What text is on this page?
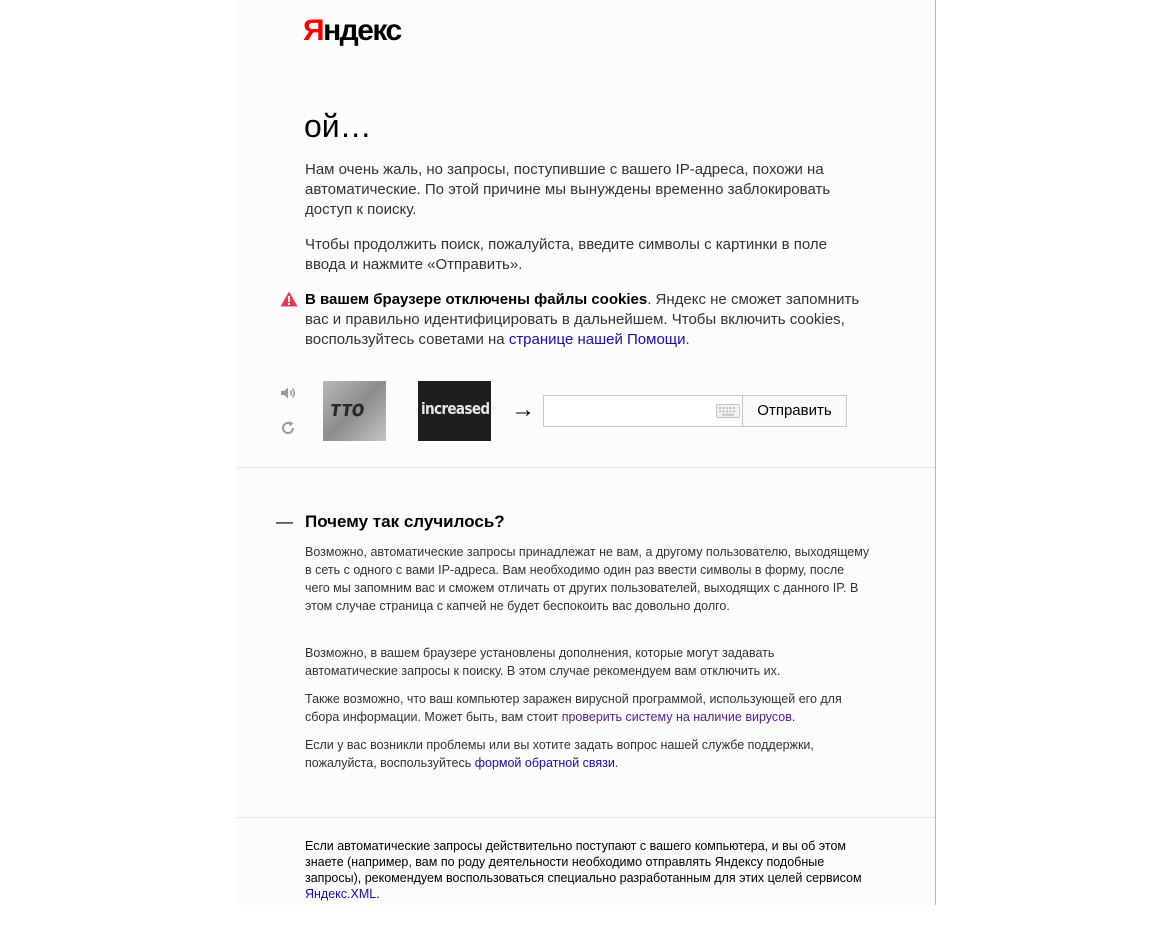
Яндекс
ой…

Нам очень жаль, но запросы, поступившие с вашего IP-адреса, похожи на автоматические. По этой причине мы вынуждены временно заблокировать доступ к поиску.

Чтобы продолжить поиск, пожалуйста, введите символы с картинки в поле ввода и нажмите «Отправить».

В вашем браузере отключены файлы cookies. Яндекс не сможет запомнить вас и правильно идентифицировать в дальнейшем. Чтобы включить cookies, воспользуйтесь советами на странице нашей Помощи.

тто	increased →	Отправить
— Почему так случилось?

Возможно, автоматические запросы принадлежат не вам, а другому пользователю, выходящему в сеть с одного с вами IP-адреса. Вам необходимо один раз ввести символы в форму, после чего мы запомним вас и сможем отличать от других пользователей, выходящих с данного IP. В этом случае страница с капчей не будет беспокоить вас довольно долго.

Возможно, в вашем браузере установлены дополнения, которые могут задавать автоматические запросы к поиску. В этом случае рекомендуем вам отключить их.

Также возможно, что ваш компьютер заражен вирусной программой, использующей его для сбора информации. Может быть, вам стоит проверить систему на наличие вирусов.

Если у вас возникли проблемы или вы хотите задать вопрос нашей службе поддержки, пожалуйста, воспользуйтесь формой обратной связи.

Если автоматические запросы действительно поступают с вашего компьютера, и вы об этом знаете (например, вам по роду деятельности необходимо отправлять Яндексу подобные запросы), рекомендуем воспользоваться специально разработанным для этих целей сервисом Яндекс.XML.
